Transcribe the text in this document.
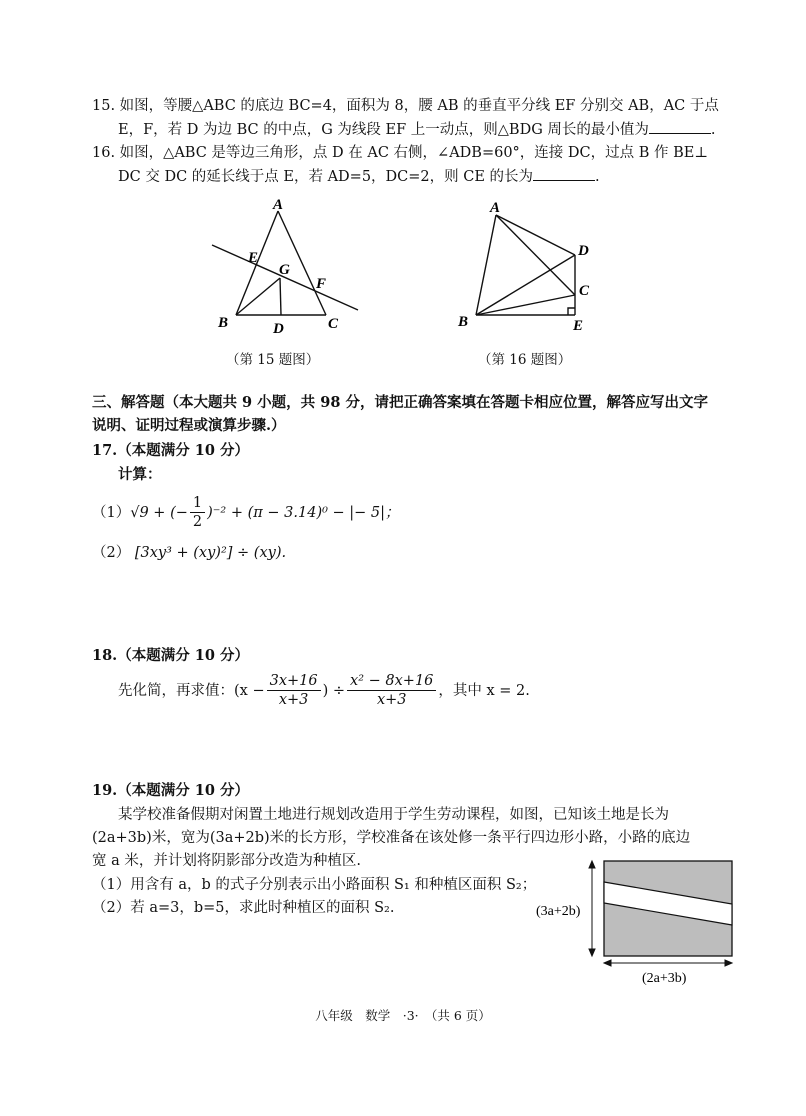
15. 如图，等腰△ABC 的底边 BC=4，面积为 8，腰 AB 的垂直平分线 EF 分别交 AB，AC 于点
E，F，若 D 为边 BC 的中点，G 为线段 EF 上一动点，则△BDG 周长的最小值为	.
16. 如图，△ABC 是等边三角形，点 D 在 AC 右侧，∠ADB=60°，连接 DC，过点 B 作 BE⊥
DC 交 DC 的延长线于点 E，若 AD=5，DC=2，则 CE 的长为	.
A
E
G
F
B	D	C
（第 15 题图）
A
D
C
B	E
（第 16 题图）
三、解答题（本大题共 9 小题，共 98 分，请把正确答案填在答题卡相应位置，解答应写出文字
说明、证明过程或演算步骤.）
17.（本题满分 10 分）
计算：
（1） √9 + (− $\frac{1}{2} )^{-2} + (\pi - 3.14)^0$ − |− 5|；
（2） [3xy³ + (xy)²] ÷ (xy).
18.（本题满分 10 分）
先化简，再求值：($x - \frac{3x+16}{x+3}$ ) ÷ $\frac{\text{x² − 8x+16}}{x+3}$ ，其中 x = 2.
19.（本题满分 10 分）
某学校准备假期对闲置土地进行规划改造用于学生劳动课程，如图，已知该土地是长为
(2a+3b)米，宽为(3a+2b)米的长方形，学校准备在该处修一条平行四边形小路，小路的底边
宽 a 米，并计划将阴影部分改造为种植区.
（1）用含有 a，b 的式子分别表示出小路面积 S₁ 和种植区面积 S₂；
（2）若 a=3，b=5，求此时种植区的面积 S₂.	(3a+2b)
(2a+3b)
八年级　数学　·3·　（共 6 页）
